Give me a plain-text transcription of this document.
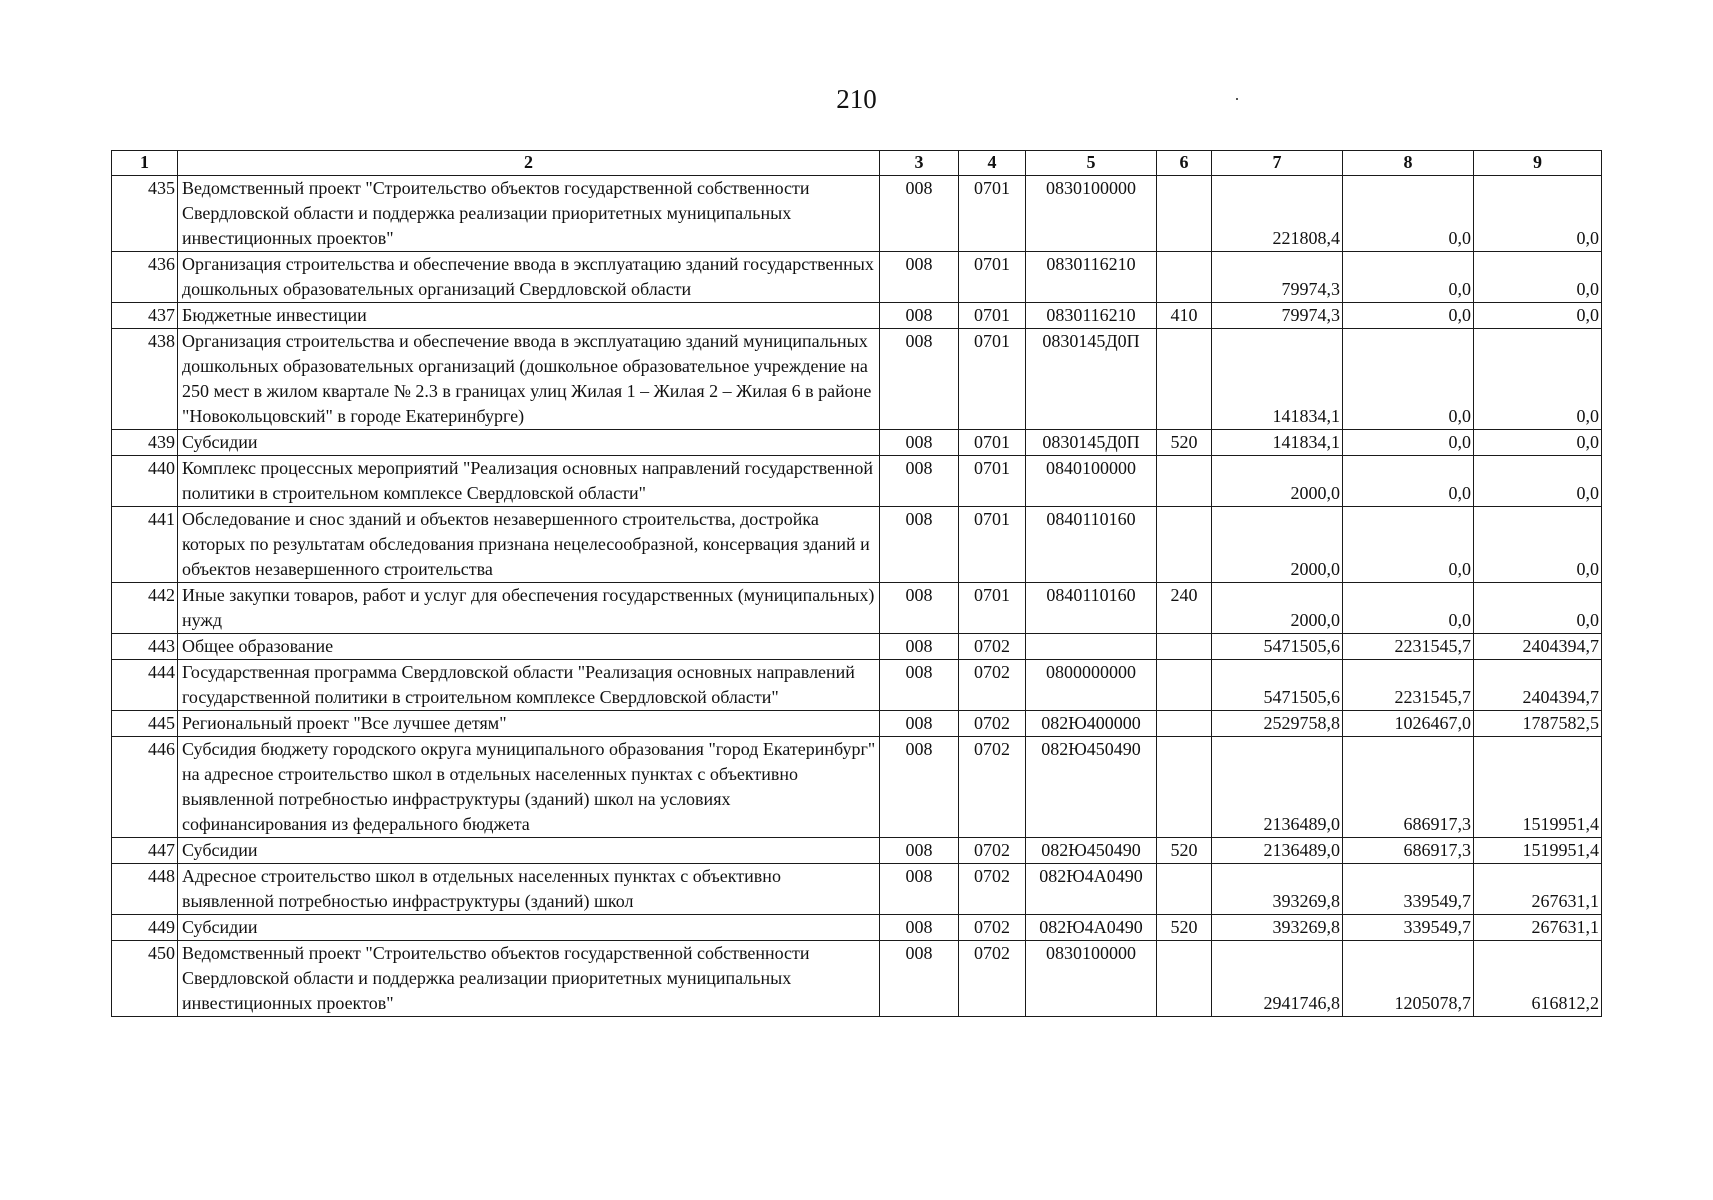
210
1	2	3	4	5	6	7	8	9
435	Ведомственный проект "Строительство объектов государственной собственности Свердловской области и поддержка реализации приоритетных муниципальных инвестиционных проектов"	008	0701	0830100000		221808,4	0,0	0,0
436	Организация строительства и обеспечение ввода в эксплуатацию зданий государственных дошкольных образовательных организаций Свердловской области	008	0701	0830116210		79974,3	0,0	0,0
437	Бюджетные инвестиции	008	0701	0830116210	410	79974,3	0,0	0,0
438	Организация строительства и обеспечение ввода в эксплуатацию зданий муниципальных дошкольных образовательных организаций (дошкольное образовательное учреждение на 250 мест в жилом квартале № 2.3 в границах улиц Жилая 1 – Жилая 2 – Жилая 6 в районе "Новокольцовский" в городе Екатеринбурге)	008	0701	0830145Д0П		141834,1	0,0	0,0
439	Субсидии	008	0701	0830145Д0П	520	141834,1	0,0	0,0
440	Комплекс процессных мероприятий "Реализация основных направлений государственной политики в строительном комплексе Свердловской области"	008	0701	0840100000		2000,0	0,0	0,0
441	Обследование и снос зданий и объектов незавершенного строительства, достройка которых по результатам обследования признана нецелесообразной, консервация зданий и объектов незавершенного строительства	008	0701	0840110160		2000,0	0,0	0,0
442	Иные закупки товаров, работ и услуг для обеспечения государственных (муниципальных) нужд	008	0701	0840110160	240	2000,0	0,0	0,0
443	Общее образование	008	0702			5471505,6	2231545,7	2404394,7
444	Государственная программа Свердловской области "Реализация основных направлений государственной политики в строительном комплексе Свердловской области"	008	0702	0800000000		5471505,6	2231545,7	2404394,7
445	Региональный проект "Все лучшее детям"	008	0702	082Ю400000		2529758,8	1026467,0	1787582,5
446	Субсидия бюджету городского округа муниципального образования "город Екатеринбург" на адресное строительство школ в отдельных населенных пунктах с объективно выявленной потребностью инфраструктуры (зданий) школ на условиях софинансирования из федерального бюджета	008	0702	082Ю450490		2136489,0	686917,3	1519951,4
447	Субсидии	008	0702	082Ю450490	520	2136489,0	686917,3	1519951,4
448	Адресное строительство школ в отдельных населенных пунктах с объективно выявленной потребностью инфраструктуры (зданий) школ	008	0702	082Ю4А0490		393269,8	339549,7	267631,1
449	Субсидии	008	0702	082Ю4А0490	520	393269,8	339549,7	267631,1
450	Ведомственный проект "Строительство объектов государственной собственности Свердловской области и поддержка реализации приоритетных муниципальных инвестиционных проектов"	008	0702	0830100000		2941746,8	1205078,7	616812,2
